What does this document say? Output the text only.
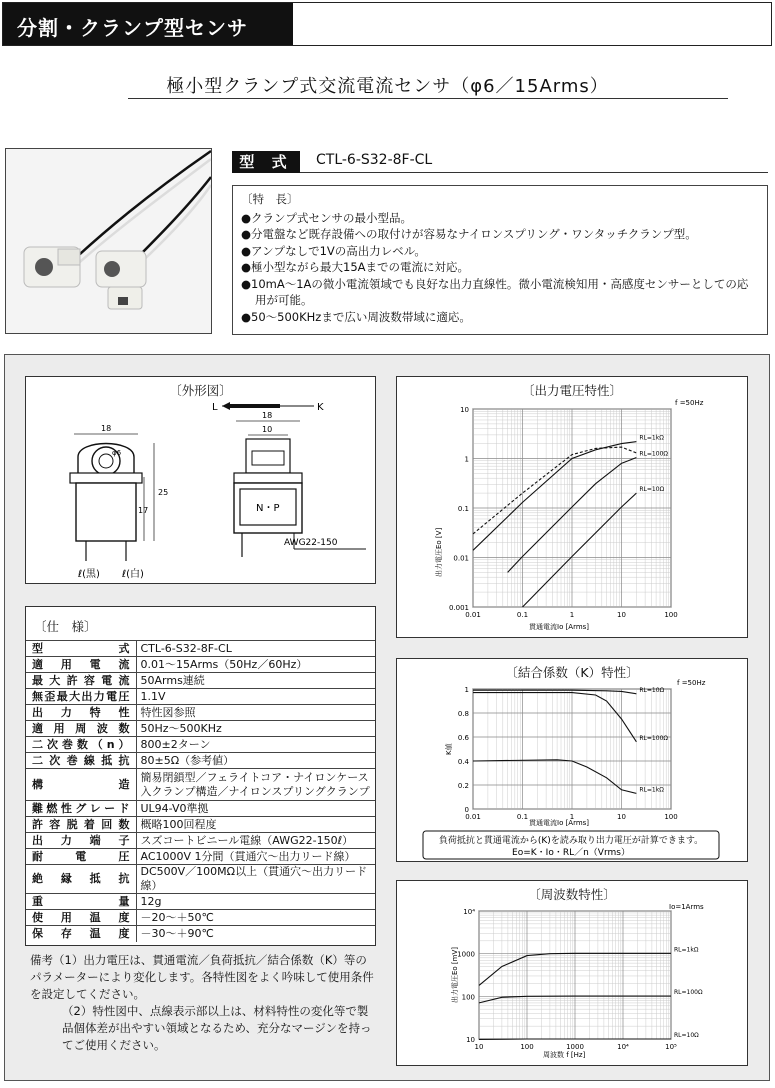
分割・クランプ型センサ
極小型クランプ式交流電流センサ（φ6／15Arms）
型 式	CTL-6-S32-8F-CL
〔特　長〕
●クランプ式センサの最小型品。
●分電盤など既存設備への取付けが容易なナイロンスプリング・ワンタッチクランプ型。
●アンプなしで1Vの高出力レベル。
●極小型ながら最大15Aまでの電流に対応。
●10mA～1Aの微小電流領域でも良好な出力直線性。微小電流検知用・高感度センサーとしての応用が可能。
●50～500KHzまで広い周波数帯域に適応。
〔外形図〕
L	K
18
φ6
25
17
ℓ(黒) ℓ(白)
18
10
N・P
AWG22-150
〔仕　様〕
型式	CTL-6-S32-8F-CL
適用電流	0.01～15Arms（50Hz／60Hz）
最大許容電流	50Arms連続
無歪最大出力電圧	1.1V
出力特性	特性図参照
適用周波数	50Hz～500KHz
二次巻数（n）	800±2ターン
二次巻線抵抗	80±5Ω（参考値）
構造	簡易閉鎖型／フェライトコア・ナイロンケース入クランプ構造／ナイロンスプリングクランプ
難燃性グレード	UL94-V0準拠
許容脱着回数	概略100回程度
出力端子	スズコートビニール電線（AWG22-150ℓ）
耐電圧	AC1000V 1分間（貫通穴～出力リード線）
絶縁抵抗	DC500V／100MΩ以上（貫通穴～出力リード線）
重量	12g
使用温度	－20～＋50℃
保存温度	－30～＋90℃
備考（1）出力電圧は、貫通電流／負荷抵抗／結合係数（K）等のパラメーターにより変化します。各特性図をよく吟味して使用条件を設定してください。
（2）特性図中、点線表示部以上は、材料特性の変化等で製品個体差が出やすい領域となるため、充分なマージンを持ってご使用ください。
〔出力電圧特性〕
f =50Hz
出力電圧Eo [V]
貫通電流Io [Arms]
0.01	0.1	1	10	100
0.001
0.01
0.1
1
10
RL=1kΩ
RL=100Ω
RL=10Ω
〔結合係数（K）特性〕
f =50Hz
K値
貫通電流Io [Arms]
負荷抵抗と貫通電流から(K)を読み取り出力電圧が計算できます。
Eo=K・Io・RL／n（Vrms）
0.01	0.1	1	10	100
0
0.2
0.4
0.6
0.8
1	RL=10Ω
RL=100Ω
RL=1kΩ
〔周波数特性〕
Io=1Arms
出力電圧Eo [mV]
周波数 f [Hz]
10	100	1000	10⁴	10⁵
10
100
1000
10⁴
RL=1kΩ
RL=100Ω
RL=10Ω
